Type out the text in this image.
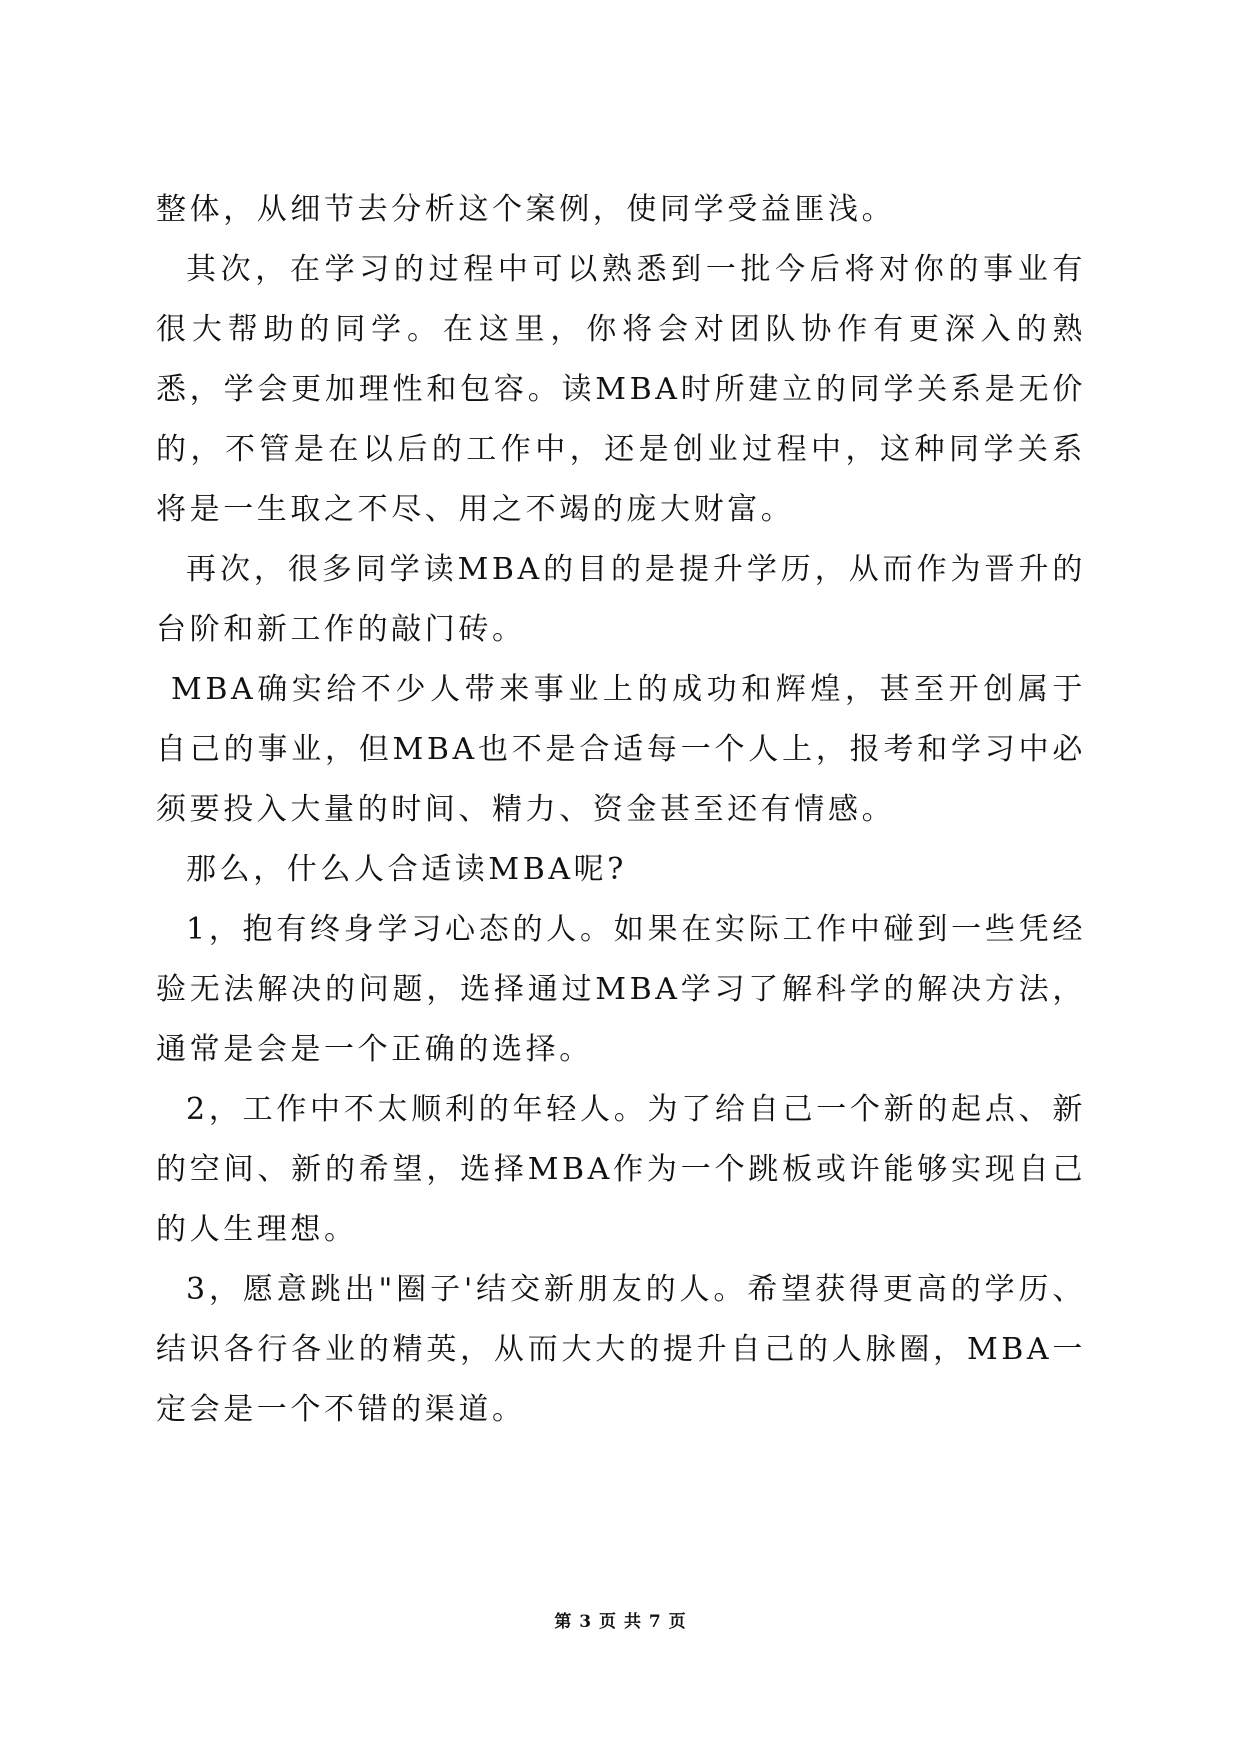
整体，从细节去分析这个案例，使同学受益匪浅。

其次，在学习的过程中可以熟悉到一批今后将对你的事业有很大帮助的同学。在这里，你将会对团队协作有更深入的熟悉，学会更加理性和包容。读MBA时所建立的同学关系是无价的，不管是在以后的工作中，还是创业过程中，这种同学关系将是一生取之不尽、用之不竭的庞大财富。

再次，很多同学读MBA的目的是提升学历，从而作为晋升的台阶和新工作的敲门砖。

MBA确实给不少人带来事业上的成功和辉煌，甚至开创属于自己的事业，但MBA也不是合适每一个人上，报考和学习中必须要投入大量的时间、精力、资金甚至还有情感。

那么，什么人合适读MBA呢?

1，抱有终身学习心态的人。如果在实际工作中碰到一些凭经验无法解决的问题，选择通过MBA学习了解科学的解决方法，通常是会是一个正确的选择。

2，工作中不太顺利的年轻人。为了给自己一个新的起点、新的空间、新的希望，选择MBA作为一个跳板或许能够实现自己的人生理想。

3，愿意跳出"圈子'结交新朋友的人。希望获得更高的学历、结识各行各业的精英，从而大大的提升自己的人脉圈，MBA一定会是一个不错的渠道。

第 3 页 共 7 页
